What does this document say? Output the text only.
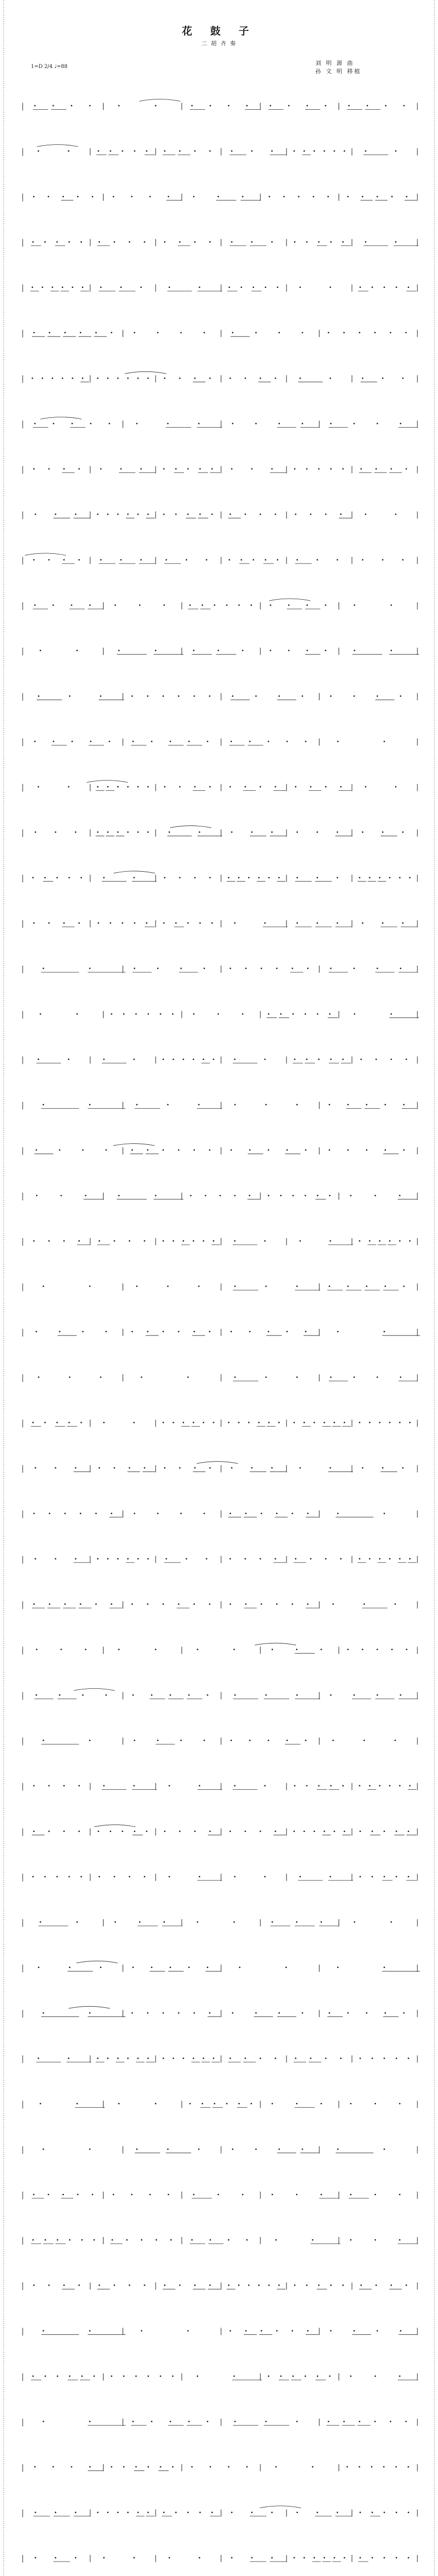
花 鼓 子
二 胡 齐 奏
刘 明 源 曲
孙 文 明 移植
1=D 2/4 ♩=88
•	•	•	•	•	•	•	•	•	•	•	•	•	•	•	•	•	•
•	•	• • • • •	• • • •	•	•	•	• • • • • •	•	•
• • • • •	•	•	•	•	•	•	•	• • • • •	• • • • •
• • • • •	• • • •	• • • •	•	•	•	• • • • •	•	•
• • • • • •	•	•	•	•	•	• • • • •	•	•	• • • • •
• • • • • •	•	•	•	•	•	•	•	•	• • • • • •
• • • • • • • • • • • •	• • • •	• • • •	•	•	•	•	•
•	•	•	•	•	•	•	•	•	•	•	•	•	•	•	•
• • • •	•	•	•	• • • • •	•	•	•	• • • • •	• • • •
•	•	•	• • • • • • • • • • •	• • • •	• • • •	•	•
• • • •	•	•	•	•	•	•	• • • • •	•	•	•	•	•	•
•	•	•	•	•	•	•	• • • • • •	•	•	•	•	•	•
•	•	•	•	•	•	•	•	•	•	•	•	•
•	•	•	• • • • • •	•	•	•	•	•	•	•	•
•	•	•	•	•	•	•	•	•	•	•	•	•	•	•	•	•
•	•	• • • • • •	• • • •	• • • •	• • • •	•	•
•	•	•	• • • • • •	•	•	•	•	•	•	•	•	•	•	•
• • • • •	•	•	• • • •	• • • • • •	•	•	•	• • • • • •
• • • •	• • • • •	• • • • •	•	•	•	•	•	•	•	•
•	•	•	•	•	•	• • • • • •	•	•	•	•
•	•	• • • • • •	•	•	•	• • • • • •	•	•
•	•	•	•	• • • • • •	•	•	• • • • •	• • • •
•	•	•	•	•	•	•	•	•	•	•	•	•
•	•	•	•	• • • • • •	•	•	•	•	•	•	•	•	•	•
•	•	•	•	•	• • • • •	• • • • • •	•	•	•
• • • •	• • • •	• • • • • •	•	•	•	•	• • • • • •
•	•	•	•	•	•	•	•	•	•	•	•	•
•	•	•	•	• • • • • •	•	•	•	•	•	•	•
•	•	•	•	•	•	•	•	•	•	•	•
• • • • •	•	•	• • • • • • • • • • • • • • • • • • • • • • • •
•	•	•	• • • •	• • • •	•	•	•	•	•	•	•	•
• • • • • •	•	•	•	•	• • • • • •	•	•
•	•	•	• • • • • •	•	•	•	• • • •	• • • •	• • • • • •
• • • • • •	• • • • • •	• • • • • •	•	•	•
•	•	•	•	•	•	•	•	•	•	• • • • •
•	•	•	•	•	•	•	•	•	•	•	•	•	•	•	•
•	•	•	•	•	•	•	•	•	•	•	•	•	•
• • • •	•	•	•	•	•	•	• • • • •	• • • • • •
• • • •	• • • • •	• • • •	• • • •	• • • • • • • • • • •
• • • • •	• • • •	•	•	•	•	•	•	• • • • •
•	•	•	•	•	•	•	•	•	•	•	•
•	•	•	•	•	•	•	•	•	•	•	•
•	•	• • • • • •	•	•	•	•	•	•	•	•	•
•	•	• • • • • • • • • • • •	• • • •	• • • •	• • • • •
•	•	•	•	• • • • • •	•	•	•	•	•	•
•	•	•	•	•	•	•	•	•	•	•
• • • • •	•	•	•	•	•	•	•	•	•	•	•	•	•
• • • • • •	• • • • •	•	•	•	•	•	•	•	•	•
• • • •	• • • •	• • • •	• • • • • • • • • • •	• • • •
•	•	•	•	• • • • • •	•	•	•	•
• • • • • •	• • • • • •	•	•	• • • • • •	•	•	•
•	•	•	•	•	•	•	•	•	•	• • • • • •
•	•	•	•	• • • • • •	•	•	•	•	•	•	• • • • • •
•	•	•	• • • • • • • • • • •	•	•	•	•	•	•	• • • • •
•	•	•	•	•	•	•	•	•	•	• • • • • • • • • • •
